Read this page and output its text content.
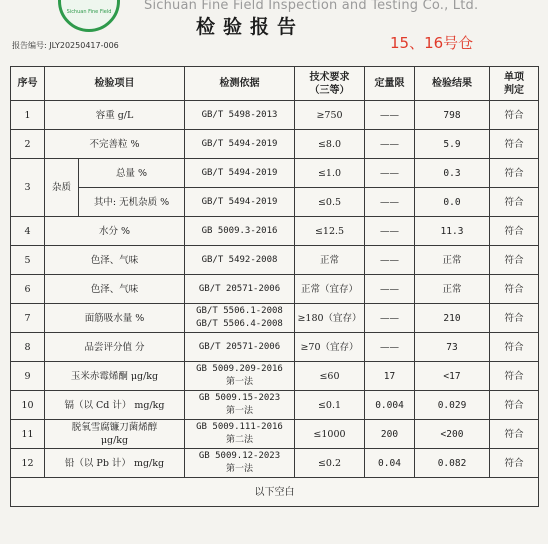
Sichuan Fine Field	Sichuan Fine Field Inspection and Testing Co., Ltd.
检验报告
15、16号仓
报告编号: JLY20250417-006
序号	检验项目		检测依据	技术要求
（三等）	定量限	检验结果	单项
判定
1	容重 g/L		GB/T 5498-2013	≥750	——	798	符合
2	不完善粒 %		GB/T 5494-2019	≤8.0	——	5.9	符合
3	杂质	总量 %	GB/T 5494-2019	≤1.0	——	0.3	符合
		其中: 无机杂质 %	GB/T 5494-2019	≤0.5	——	0.0	符合
4	水分 %		GB 5009.3-2016	≤12.5	——	11.3	符合
5	色泽、气味		GB/T 5492-2008	正常	——	正常	符合
6	色泽、气味		GB/T 20571-2006	正常（宜存）	——	正常	符合
7	面筋吸水量 %		GB/T 5506.1-2008
GB/T 5506.4-2008	≥180（宜存）	——	210	符合
8	品尝评分值 分		GB/T 20571-2006	≥70（宜存）	——	73	符合
9	玉米赤霉烯酮 μg/kg		GB 5009.209-2016
第一法	≤60	17	<17	符合
10	镉（以 Cd 计） mg/kg		GB 5009.15-2023
第一法	≤0.1	0.004	0.029	符合
11	脱氧雪腐镰刀菌烯醇
μg/kg		GB 5009.111-2016
第二法	≤1000	200	<200	符合
12	铅（以 Pb 计） mg/kg		GB 5009.12-2023
第一法	≤0.2	0.04	0.082	符合
以下空白							
